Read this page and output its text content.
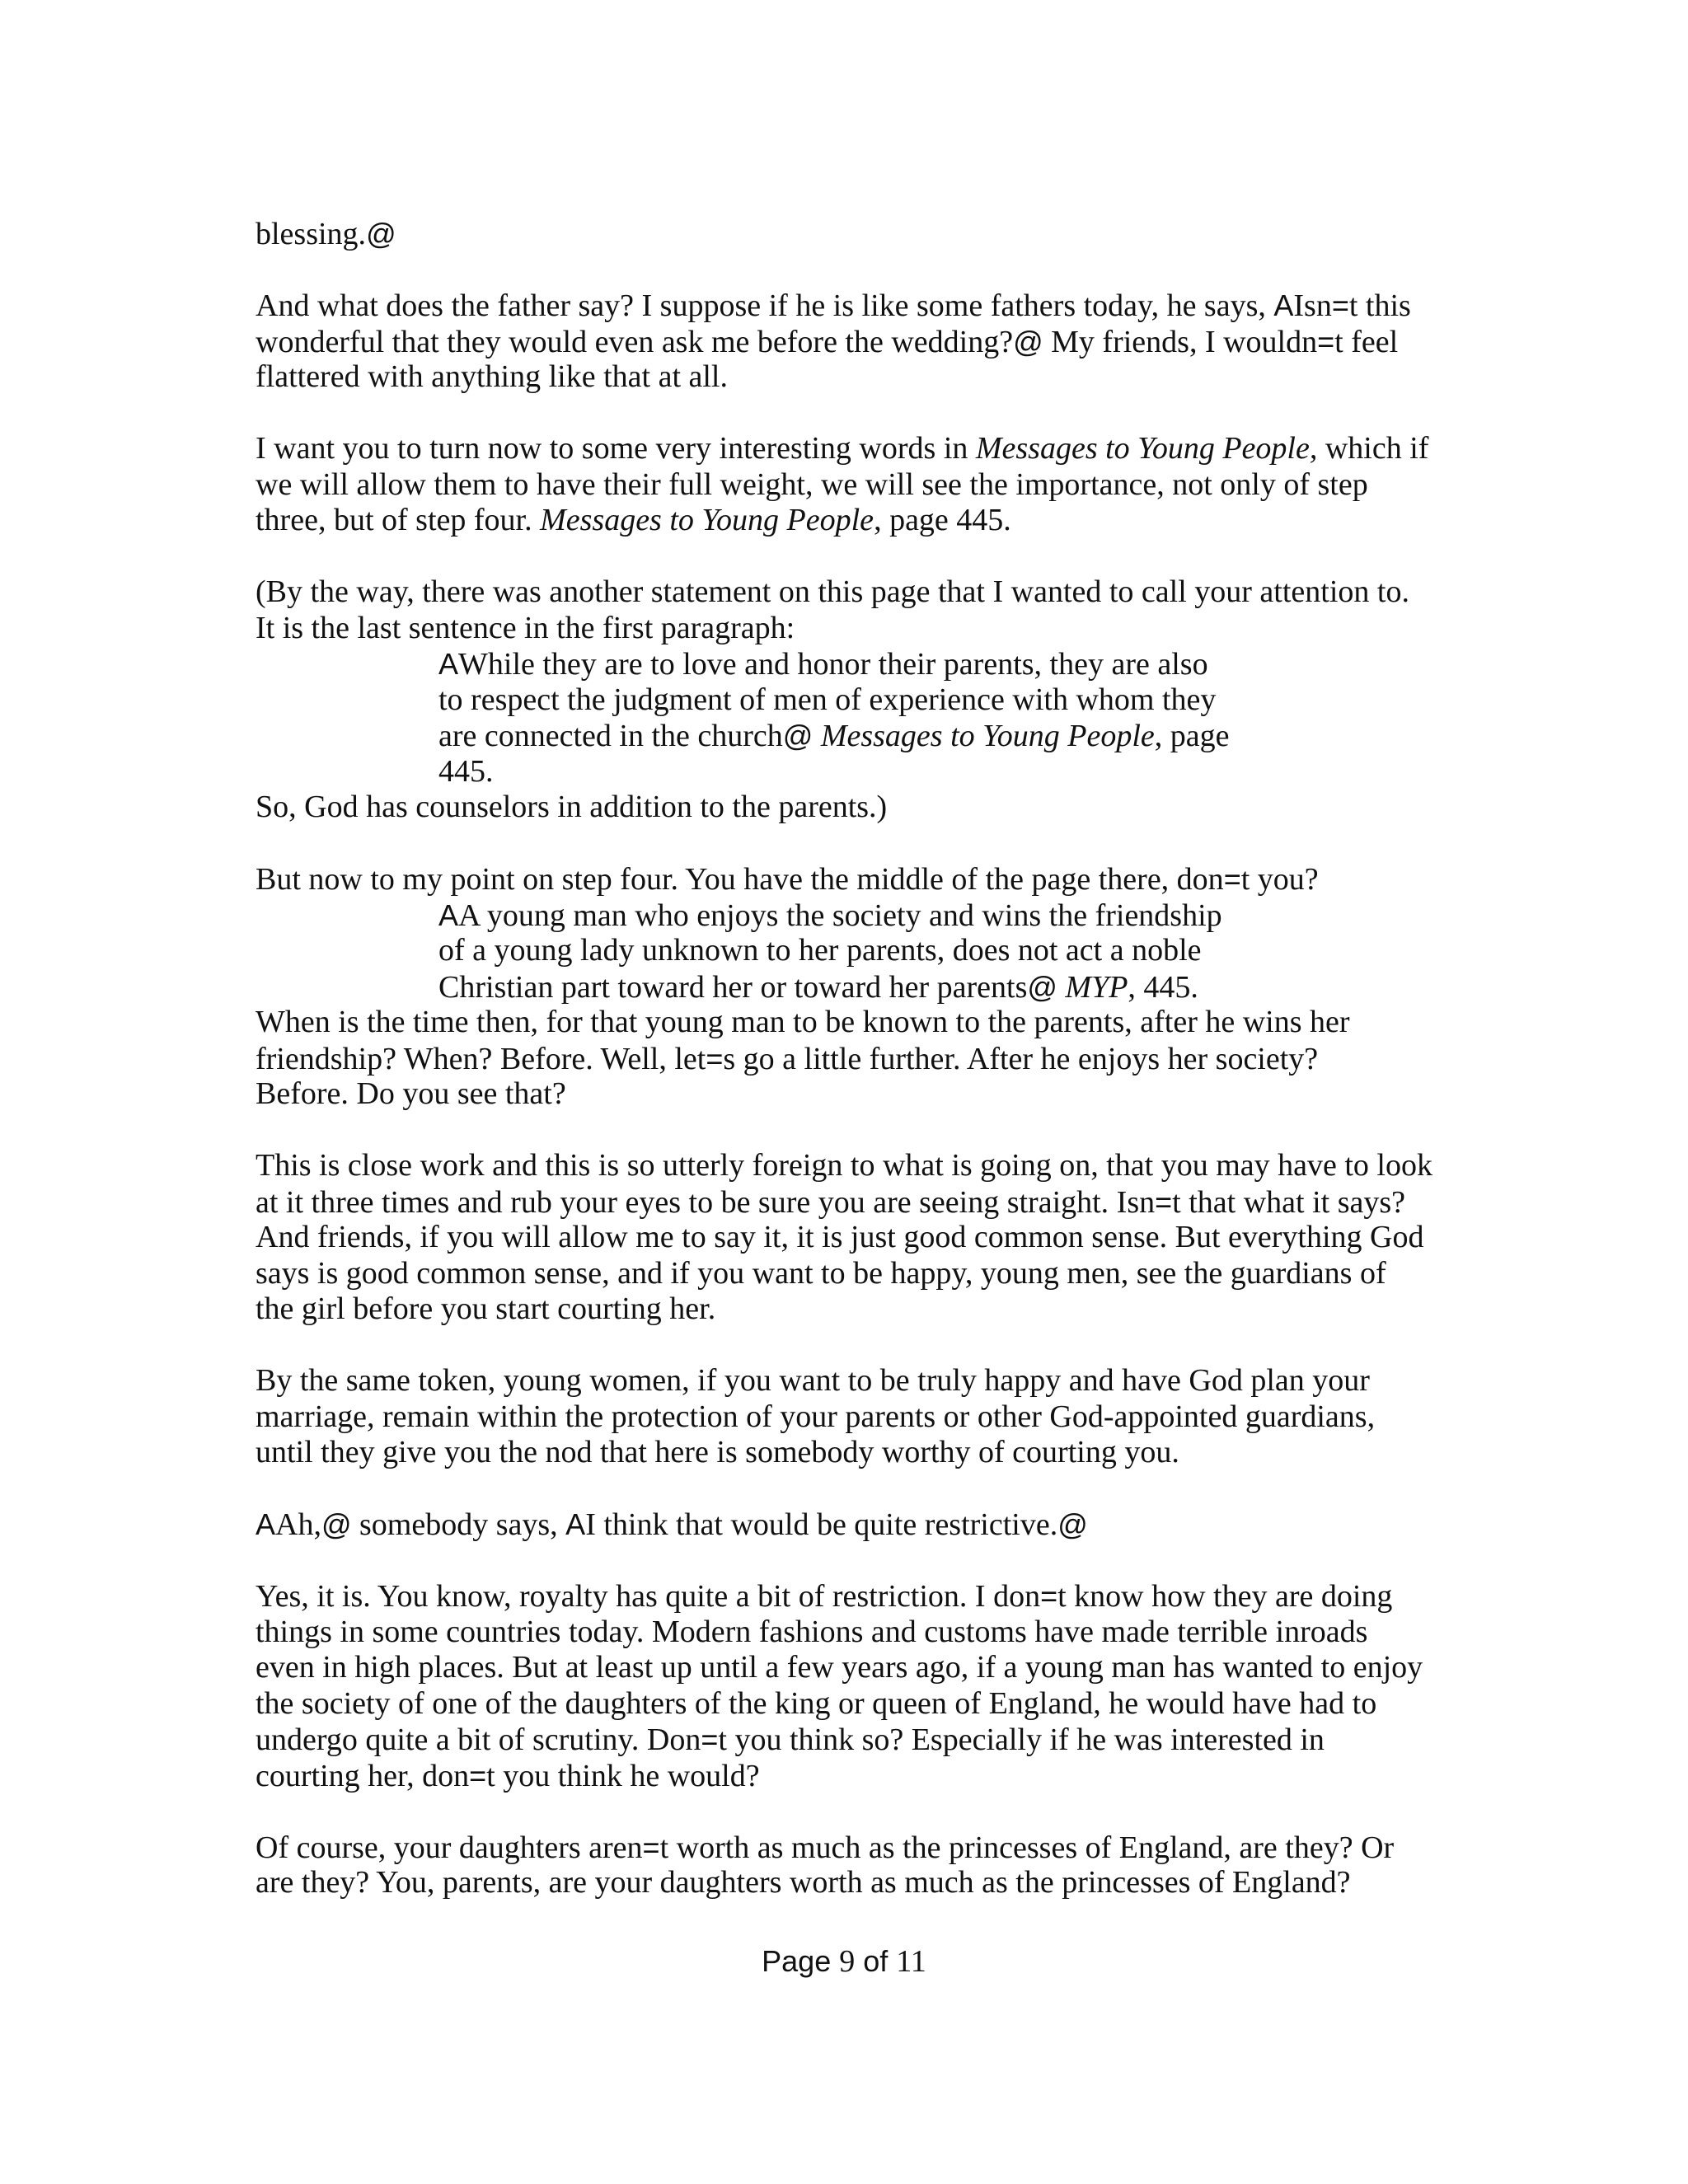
blessing.@
And what does the father say? I suppose if he is like some fathers today, he says, AIsn=t this
wonderful that they would even ask me before the wedding?@ My friends, I wouldn=t feel
flattered with anything like that at all.
I want you to turn now to some very interesting words in Messages to Young People, which if
we will allow them to have their full weight, we will see the importance, not only of step
three, but of step four. Messages to Young People, page 445.
(By the way, there was another statement on this page that I wanted to call your attention to.
It is the last sentence in the first paragraph:
AWhile they are to love and honor their parents, they are also
to respect the judgment of men of experience with whom they
are connected in the church@ Messages to Young People, page
445.
So, God has counselors in addition to the parents.)
But now to my point on step four. You have the middle of the page there, don=t you?
AA young man who enjoys the society and wins the friendship
of a young lady unknown to her parents, does not act a noble
Christian part toward her or toward her parents@ MYP, 445.
When is the time then, for that young man to be known to the parents, after he wins her
friendship? When? Before. Well, let=s go a little further. After he enjoys her society?
Before. Do you see that?
This is close work and this is so utterly foreign to what is going on, that you may have to look
at it three times and rub your eyes to be sure you are seeing straight. Isn=t that what it says?
And friends, if you will allow me to say it, it is just good common sense. But everything God
says is good common sense, and if you want to be happy, young men, see the guardians of
the girl before you start courting her.
By the same token, young women, if you want to be truly happy and have God plan your
marriage, remain within the protection of your parents or other God-appointed guardians,
until they give you the nod that here is somebody worthy of courting you.
AAh,@ somebody says, AI think that would be quite restrictive.@
Yes, it is. You know, royalty has quite a bit of restriction. I don=t know how they are doing
things in some countries today. Modern fashions and customs have made terrible inroads
even in high places. But at least up until a few years ago, if a young man has wanted to enjoy
the society of one of the daughters of the king or queen of England, he would have had to
undergo quite a bit of scrutiny. Don=t you think so? Especially if he was interested in
courting her, don=t you think he would?
Of course, your daughters aren=t worth as much as the princesses of England, are they? Or
are they? You, parents, are your daughters worth as much as the princesses of England?
Page 9 of 11
